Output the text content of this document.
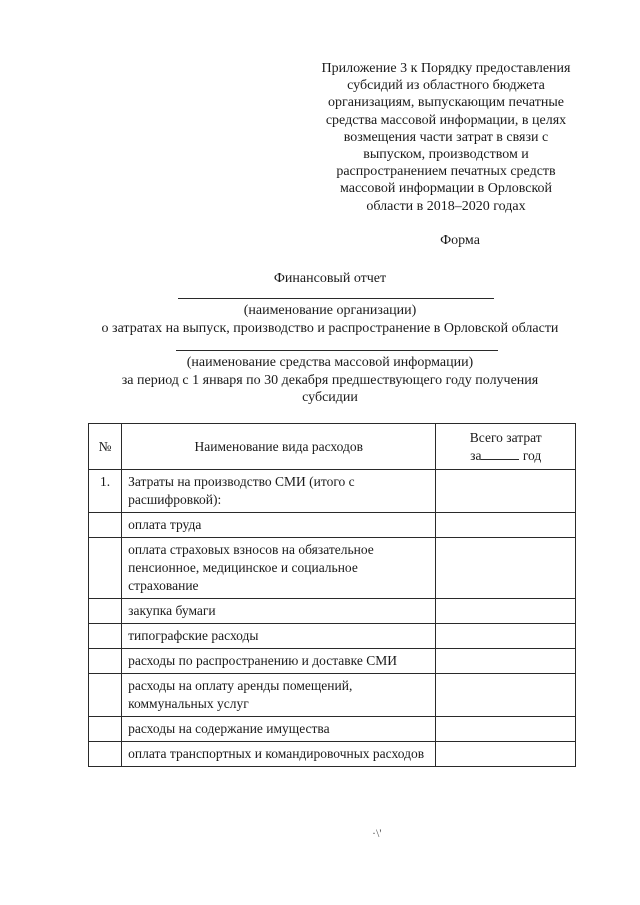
Приложение 3 к Порядку предоставления
субсидий из областного бюджета
организациям, выпускающим печатные
средства массовой информации, в целях
возмещения части затрат в связи с
выпуском, производством и
распространением печатных средств
массовой информации в Орловской
области в 2018–2020 годах
Форма
Финансовый отчет
(наименование организации)
о затратах на выпуск, производство и распространение в Орловской области
(наименование средства массовой информации)
за период с 1 января по 30 декабря предшествующего году получения
субсидии
№	Наименование вида расходов	Всего затрат
за год

1.	Затраты на производство СМИ (итого с расшифровкой):	
	оплата труда	
	оплата страховых взносов на обязательное пенсионное, медицинское и социальное страхование	
	закупка бумаги	
	типографские расходы	
	расходы по распространению и доставке СМИ	
	расходы на оплату аренды помещений, коммунальных услуг	
	расходы на содержание имущества	
	оплата транспортных и командировочных расходов	
·\'
